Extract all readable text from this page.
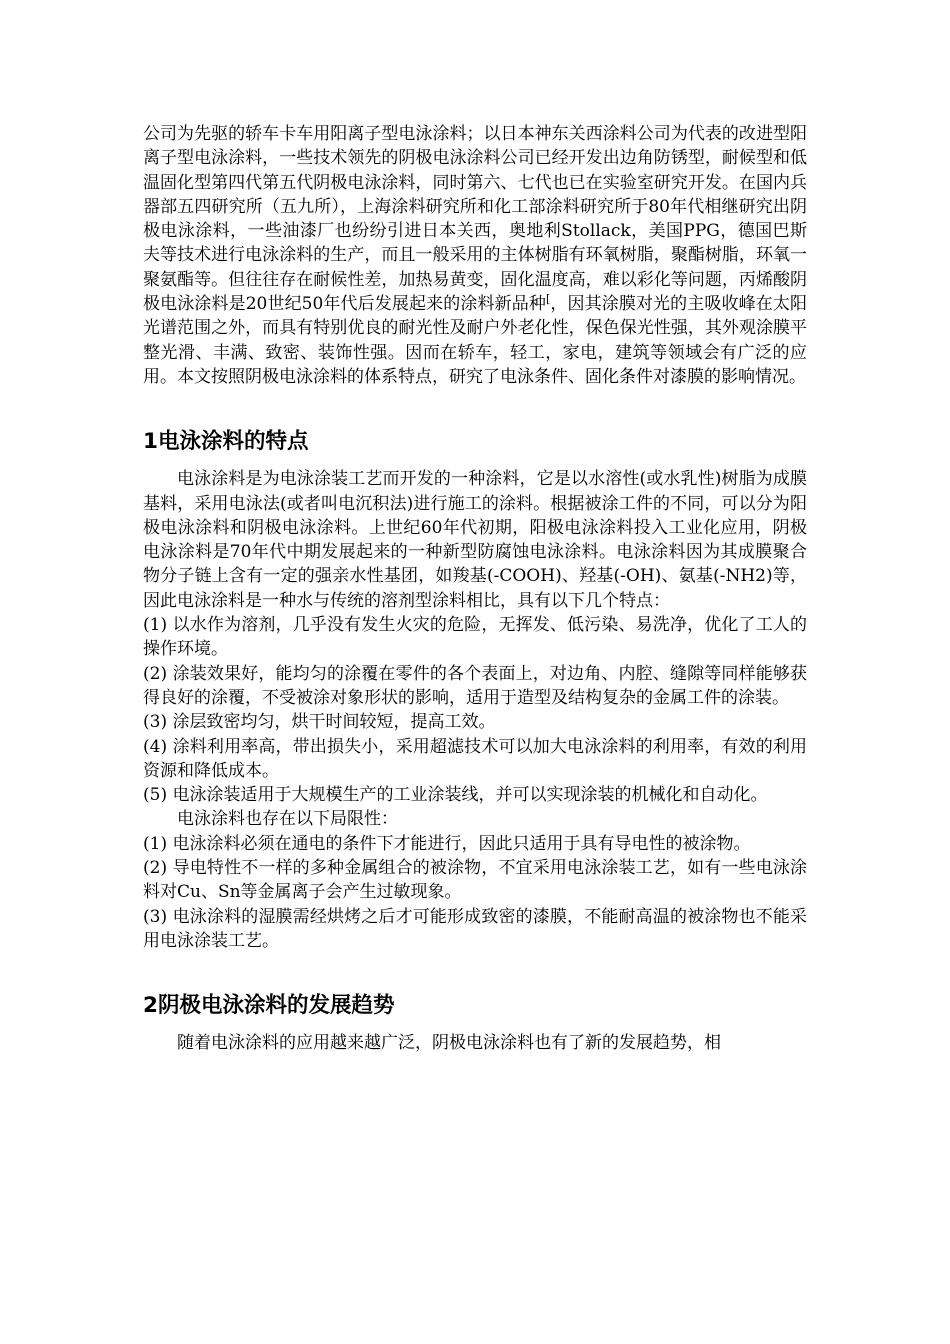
公司为先驱的轿车卡车用阳离子型电泳涂料；以日本神东关西涂料公司为代表的改进型阳离子型电泳涂料，一些技术领先的阴极电泳涂料公司已经开发出边角防锈型，耐候型和低温固化型第四代第五代阴极电泳涂料，同时第六、七代也已在实验室研究开发。在国内兵器部五四研究所（五九所），上海涂料研究所和化工部涂料研究所于80年代相继研究出阴极电泳涂料，一些油漆厂也纷纷引进日本关西，奥地利Stollack，美国PPG，德国巴斯夫等技术进行电泳涂料的生产，而且一般采用的主体树脂有环氧树脂，聚酯树脂，环氧一聚氨酯等。但往往存在耐候性差，加热易黄变，固化温度高，难以彩化等问题，丙烯酸阴极电泳涂料是20世纪50年代后发展起来的涂料新品种[，因其涂膜对光的主吸收峰在太阳光谱范围之外，而具有特别优良的耐光性及耐户外老化性，保色保光性强，其外观涂膜平整光滑、丰满、致密、装饰性强。因而在轿车，轻工，家电，建筑等领域会有广泛的应用。本文按照阴极电泳涂料的体系特点，研究了电泳条件、固化条件对漆膜的影响情况。

1电泳涂料的特点

电泳涂料是为电泳涂装工艺而开发的一种涂料，它是以水溶性(或水乳性)树脂为成膜基料，采用电泳法(或者叫电沉积法)进行施工的涂料。根据被涂工件的不同，可以分为阳极电泳涂料和阴极电泳涂料。上世纪60年代初期，阳极电泳涂料投入工业化应用，阴极电泳涂料是70年代中期发展起来的一种新型防腐蚀电泳涂料。电泳涂料因为其成膜聚合物分子链上含有一定的强亲水性基团，如羧基(-COOH)、羟基(-OH)、氨基(-NH2)等，因此电泳涂料是一种水与传统的溶剂型涂料相比，具有以下几个特点：

(1) 以水作为溶剂，几乎没有发生火灾的危险，无挥发、低污染、易洗净，优化了工人的操作环境。

(2) 涂装效果好，能均匀的涂覆在零件的各个表面上，对边角、内腔、缝隙等同样能够获得良好的涂覆，不受被涂对象形状的影响，适用于造型及结构复杂的金属工件的涂装。

(3) 涂层致密均匀，烘干时间较短，提高工效。

(4) 涂料利用率高，带出损失小，采用超滤技术可以加大电泳涂料的利用率，有效的利用资源和降低成本。

(5) 电泳涂装适用于大规模生产的工业涂装线，并可以实现涂装的机械化和自动化。

电泳涂料也存在以下局限性：

(1) 电泳涂料必须在通电的条件下才能进行，因此只适用于具有导电性的被涂物。

(2) 导电特性不一样的多种金属组合的被涂物，不宜采用电泳涂装工艺，如有一些电泳涂料对Cu、Sn等金属离子会产生过敏现象。

(3) 电泳涂料的湿膜需经烘烤之后才可能形成致密的漆膜，不能耐高温的被涂物也不能采用电泳涂装工艺。

2阴极电泳涂料的发展趋势

随着电泳涂料的应用越来越广泛，阴极电泳涂料也有了新的发展趋势，相
